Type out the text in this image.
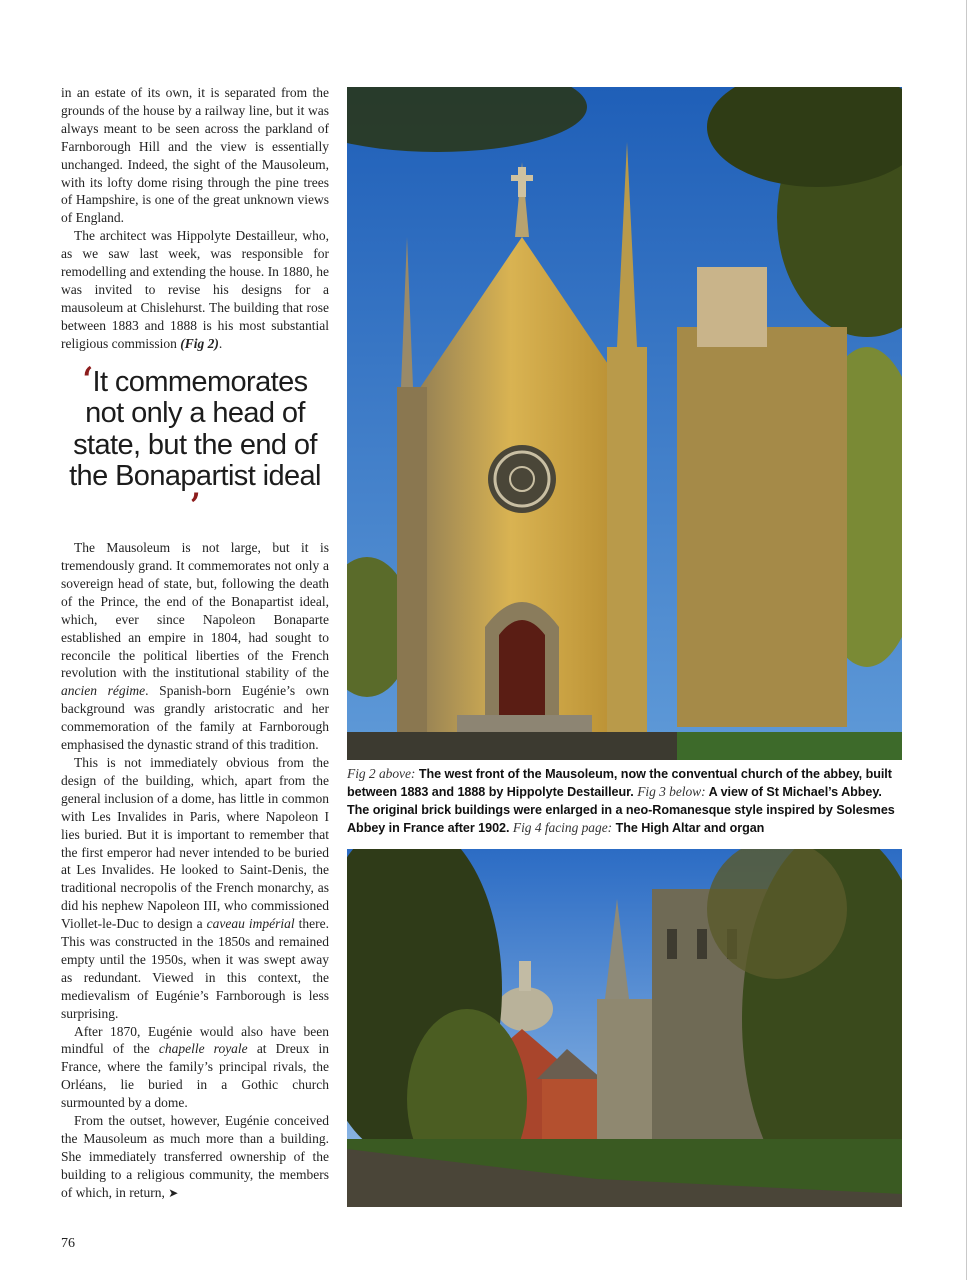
in an estate of its own, it is separated from the grounds of the house by a railway line, but it was always meant to be seen across the parkland of Farnborough Hill and the view is essentially unchanged. Indeed, the sight of the Mausoleum, with its lofty dome rising through the pine trees of Hampshire, is one of the great unknown views of England.

The architect was Hippolyte Destailleur, who, as we saw last week, was responsible for remodelling and extending the house. In 1880, he was invited to revise his designs for a mausoleum at Chislehurst. The building that rose between 1883 and 1888 is his most substantial religious commission (Fig 2).

‘It commemorates not only a head of state, but the end of the Bonapartist ideal ’

The Mausoleum is not large, but it is tremendously grand. It commemorates not only a sovereign head of state, but, following the death of the Prince, the end of the Bonapartist ideal, which, ever since Napoleon Bonaparte established an empire in 1804, had sought to reconcile the political liberties of the French revolution with the institutional stability of the ancien régime. Spanish-born Eugénie’s own background was grandly aristocratic and her commemoration of the family at Farnborough emphasised the dynastic strand of this tradition.

This is not immediately obvious from the design of the building, which, apart from the general inclusion of a dome, has little in common with Les Invalides in Paris, where Napoleon I lies buried. But it is important to remember that the first emperor had never intended to be buried at Les Invalides. He looked to Saint-Denis, the traditional necropolis of the French monarchy, as did his nephew Napoleon III, who commissioned Viollet-le-Duc to design a caveau impérial there. This was constructed in the 1850s and remained empty until the 1950s, when it was swept away as redundant. Viewed in this context, the medievalism of Eugénie’s Farnborough is less surprising.

After 1870, Eugénie would also have been mindful of the chapelle royale at Dreux in France, where the family’s principal rivals, the Orléans, lie buried in a Gothic church surmounted by a dome.

From the outset, however, Eugénie conceived the Mausoleum as much more than a building. She immediately transferred ownership of the building to a religious community, the members of which, in return, ➤

Fig 2 above: The west front of the Mausoleum, now the conventual church of the abbey, built between 1883 and 1888 by Hippolyte Destailleur. Fig 3 below: A view of St Michael’s Abbey. The original brick buildings were enlarged in a neo-Romanesque style inspired by Solesmes Abbey in France after 1902. Fig 4 facing page: The High Altar and organ
76
